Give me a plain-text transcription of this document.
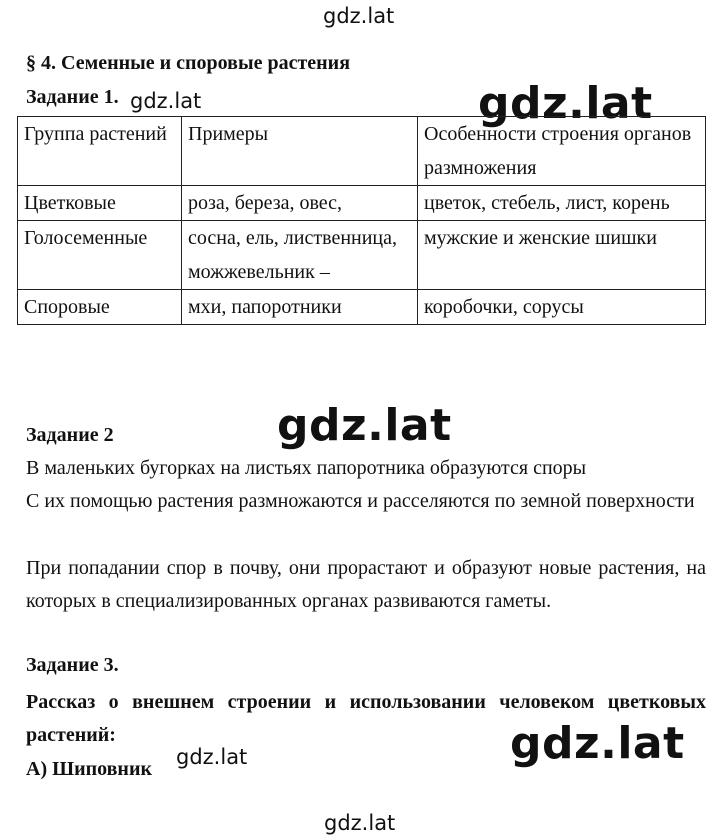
gdz.lat
gdz.lat	gdz.lat
gdz.lat
gdz.lat
gdz.lat
gdz.lat
§ 4. Семенные и споровые растения
Задание 1.
Группа растений	Примеры	Особенности строения органов размножения
Цветковые	роза, береза, овес,	цветок, стебель, лист, корень
Голосеменные	сосна, ель, лиственница, можжевельник –	мужские и женские шишки
Споровые	мхи, папоротники	коробочки, сорусы
Задание 2
В маленьких бугорках на листьях папоротника образуются споры
С их помощью растения размножаются и расселяются по земной поверхности
При попадании спор в почву, они прорастают и образуют новые растения, на которых в специализированных органах развиваются гаметы.
Задание 3.
Рассказ о внешнем строении и использовании человеком цветковых растений:
А) Шиповник
